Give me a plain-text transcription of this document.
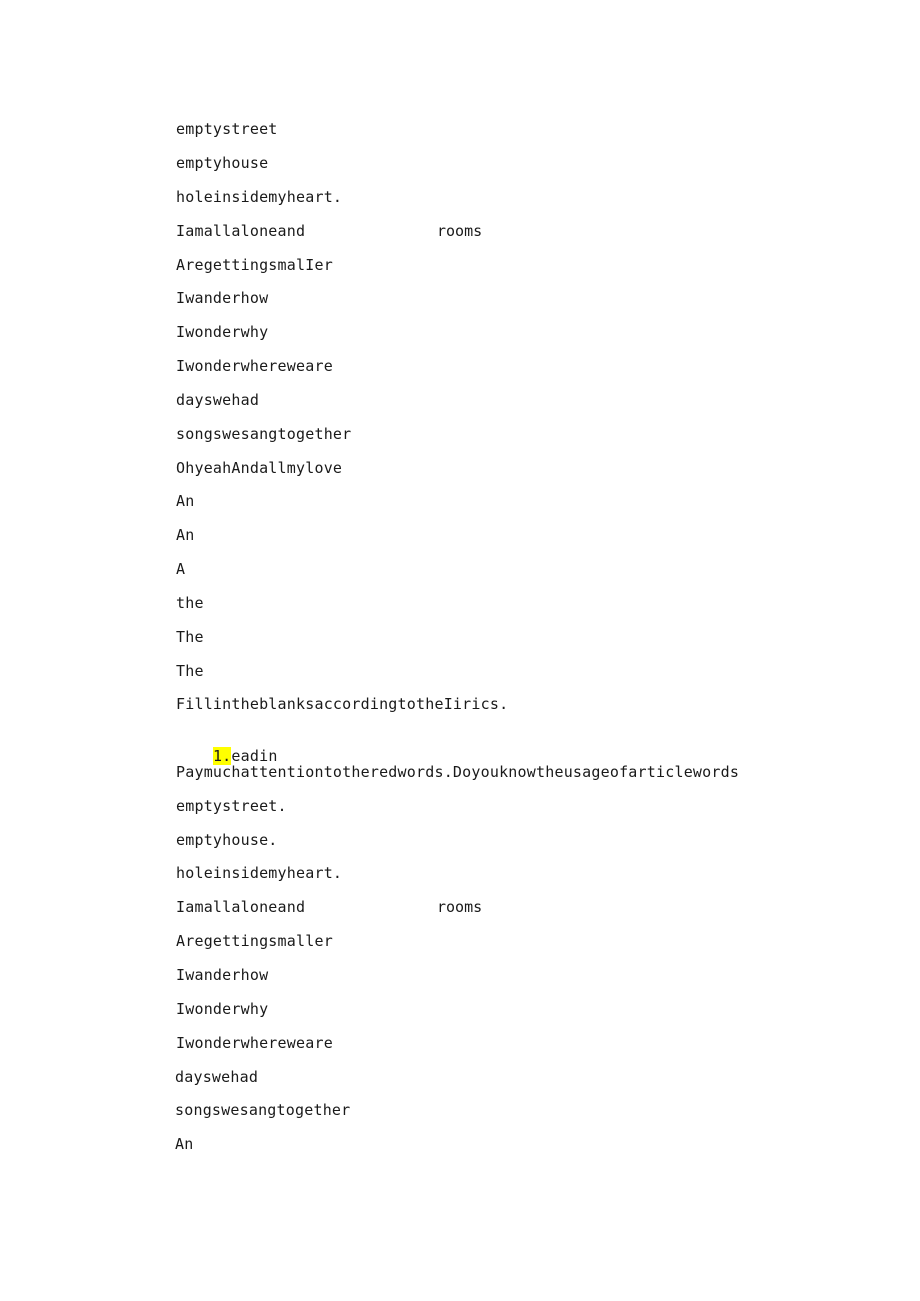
emptystreet
emptyhouse
holeinsidemyheart.
Iamallaloneand	rooms
AregettingsmalIer
Iwanderhow
Iwonderwhy
Iwonderwhereweare
dayswehad
songswesangtogether
OhyeahAndallmylove
An
An
A
the
The
The
FillintheblanksaccordingtotheIirics.

1.eadin

Paymuchattentiontotheredwords.Doyouknowtheusageofarticlewords
emptystreet.
emptyhouse.
holeinsidemyheart.
Iamallaloneand	rooms
Aregettingsmaller
Iwanderhow
Iwonderwhy
Iwonderwhereweare
dayswehad
songswesangtogether
An
